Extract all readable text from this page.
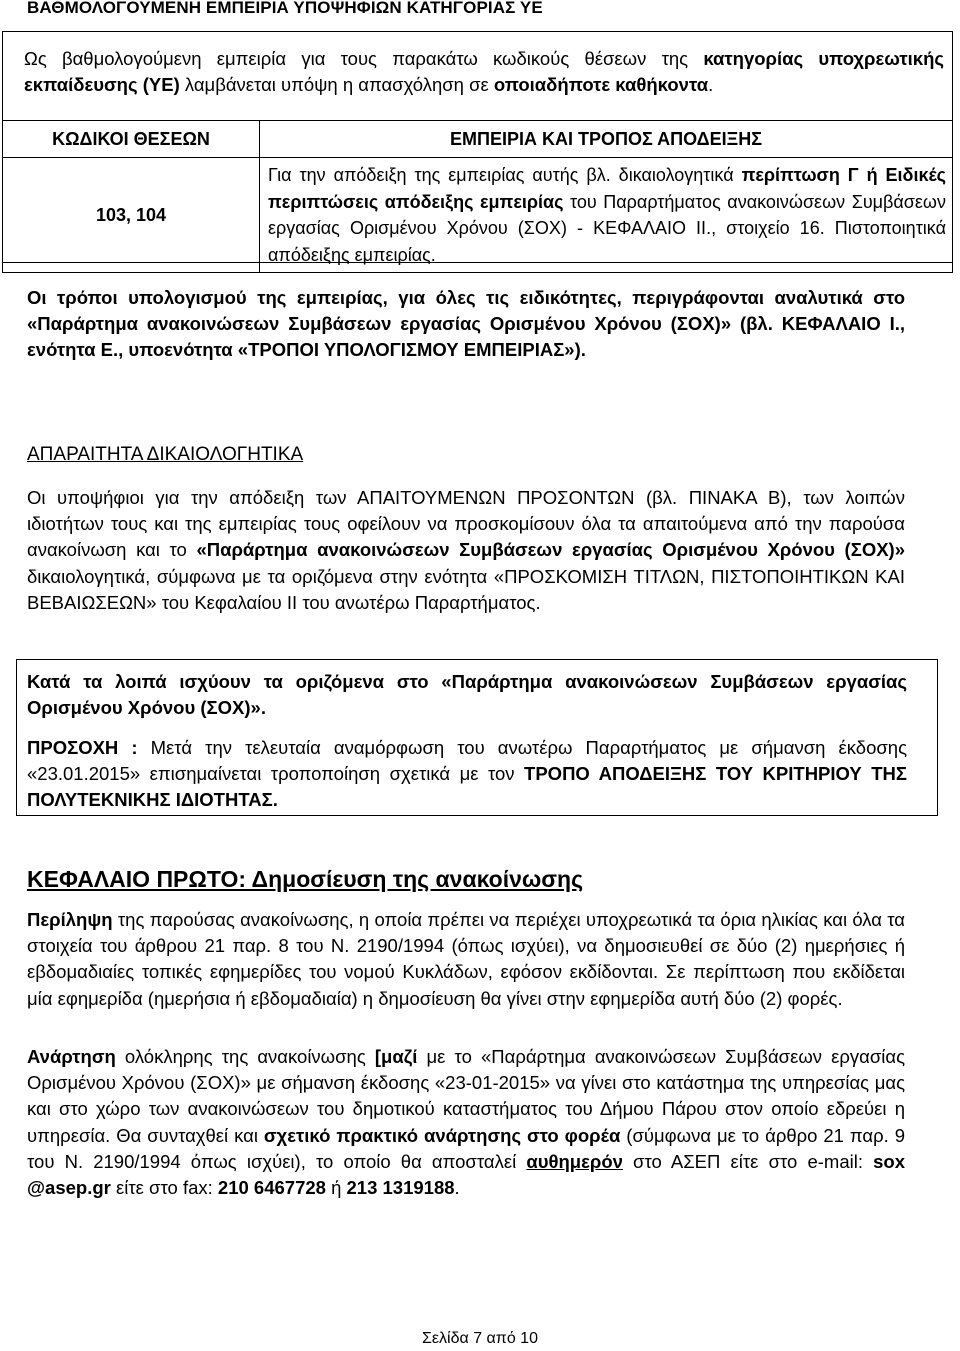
ΒΑΘΜΟΛΟΓΟΥΜΕΝΗ ΕΜΠΕΙΡΙΑ ΥΠΟΨΗΦΙΩΝ ΚΑΤΗΓΟΡΙΑΣ ΥΕ
Ως βαθμολογούμενη εμπειρία για τους παρακάτω κωδικούς θέσεων της κατηγορίας υποχρεωτικής εκπαίδευσης (ΥΕ) λαμβάνεται υπόψη η απασχόληση σε οποιαδήποτε καθήκοντα.
ΚΩΔΙΚΟΙ ΘΕΣΕΩΝ	ΕΜΠΕΙΡΙΑ ΚΑΙ ΤΡΟΠΟΣ ΑΠΟΔΕΙΞΗΣ
103, 104	Για την απόδειξη της εμπειρίας αυτής βλ. δικαιολογητικά περίπτωση Γ ή Ειδικές περιπτώσεις απόδειξης εμπειρίας του Παραρτήματος ανακοινώσεων Συμβάσεων εργασίας Ορισμένου Χρόνου (ΣΟΧ) - ΚΕΦΑΛΑΙΟ ΙΙ., στοιχείο 16. Πιστοποιητικά απόδειξης εμπειρίας.
Οι τρόποι υπολογισμού της εμπειρίας, για όλες τις ειδικότητες, περιγράφονται αναλυτικά στο «Παράρτημα ανακοινώσεων Συμβάσεων εργασίας Ορισμένου Χρόνου (ΣΟΧ)» (βλ. ΚΕΦΑΛΑΙΟ Ι., ενότητα Ε., υποενότητα «ΤΡΟΠΟΙ ΥΠΟΛΟΓΙΣΜΟΥ ΕΜΠΕΙΡΙΑΣ»).
ΑΠΑΡΑΙΤΗΤΑ ΔΙΚΑΙΟΛΟΓΗΤΙΚΑ
Οι υποψήφιοι για την απόδειξη των ΑΠΑΙΤΟΥΜΕΝΩΝ ΠΡΟΣΟΝΤΩΝ (βλ. ΠΙΝΑΚΑ Β), των λοιπών ιδιοτήτων τους και της εμπειρίας τους οφείλουν να προσκομίσουν όλα τα απαιτούμενα από την παρούσα ανακοίνωση και το «Παράρτημα ανακοινώσεων Συμβάσεων εργασίας Ορισμένου Χρόνου (ΣΟΧ)» δικαιολογητικά, σύμφωνα με τα οριζόμενα στην ενότητα «ΠΡΟΣΚΟΜΙΣΗ ΤΙΤΛΩΝ, ΠΙΣΤΟΠΟΙΗΤΙΚΩΝ ΚΑΙ ΒΕΒΑΙΩΣΕΩΝ» του Κεφαλαίου ΙΙ του ανωτέρω Παραρτήματος.
Κατά τα λοιπά ισχύουν τα οριζόμενα στο «Παράρτημα ανακοινώσεων Συμβάσεων εργασίας Ορισμένου Χρόνου (ΣΟΧ)».
ΠΡΟΣΟΧΗ : Μετά την τελευταία αναμόρφωση του ανωτέρω Παραρτήματος με σήμανση έκδοσης «23.01.2015» επισημαίνεται τροποποίηση σχετικά με τον ΤΡΟΠΟ ΑΠΟΔΕΙΞΗΣ ΤΟΥ ΚΡΙΤΗΡΙΟΥ ΤΗΣ ΠΟΛΥΤΕΚΝΙΚΗΣ ΙΔΙΟΤΗΤΑΣ.
ΚΕΦΑΛΑΙΟ ΠΡΩΤΟ: Δημοσίευση της ανακοίνωσης
Περίληψη της παρούσας ανακοίνωσης, η οποία πρέπει να περιέχει υποχρεωτικά τα όρια ηλικίας και όλα τα στοιχεία του άρθρου 21 παρ. 8 του Ν. 2190/1994 (όπως ισχύει), να δημοσιευθεί σε δύο (2) ημερήσιες ή εβδομαδιαίες τοπικές εφημερίδες του νομού Κυκλάδων, εφόσον εκδίδονται. Σε περίπτωση που εκδίδεται μία εφημερίδα (ημερήσια ή εβδομαδιαία) η δημοσίευση θα γίνει στην εφημερίδα αυτή δύο (2) φορές.
Ανάρτηση ολόκληρης της ανακοίνωσης [μαζί με το «Παράρτημα ανακοινώσεων Συμβάσεων εργασίας Ορισμένου Χρόνου (ΣΟΧ)» με σήμανση έκδοσης «23-01-2015» να γίνει στο κατάστημα της υπηρεσίας μας και στο χώρο των ανακοινώσεων του δημοτικού καταστήματος του Δήμου Πάρου στον οποίο εδρεύει η υπηρεσία. Θα συνταχθεί και σχετικό πρακτικό ανάρτησης στο φορέα (σύμφωνα με το άρθρο 21 παρ. 9 του Ν. 2190/1994 όπως ισχύει), το οποίο θα αποσταλεί αυθημερόν στο ΑΣΕΠ είτε στο e-mail: sox @asep.gr είτε στο fax: 210 6467728 ή 213 1319188.
Σελίδα 7 από 10
